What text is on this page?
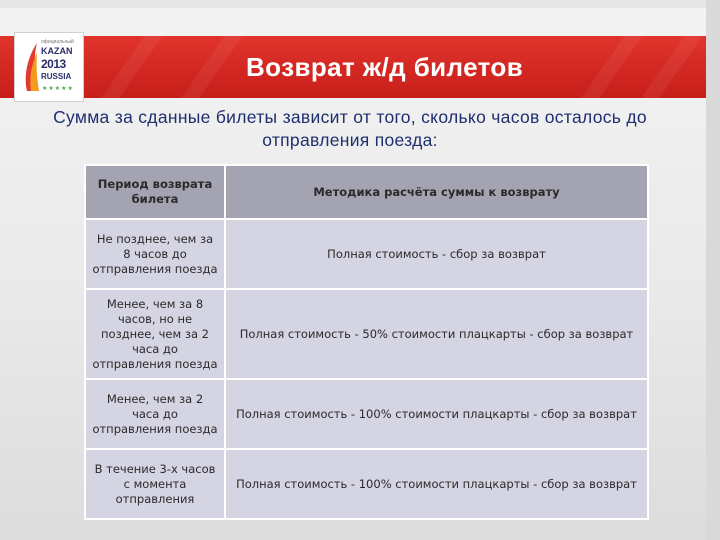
официальный
KAZAN
2013
RUSSIA
★★★★★
Возврат ж/д билетов

Сумма за сданные билеты зависит от того, сколько часов осталось до отправления поезда:

Период возврата билета	Методика расчёта суммы к возврату
Не позднее, чем за 8 часов до отправления поезда	Полная стоимость - сбор за возврат
Менее, чем за 8 часов, но не позднее, чем за 2 часа до отправления поезда	Полная стоимость - 50% стоимости плацкарты - сбор за возврат
Менее, чем за 2 часа до отправления поезда	Полная стоимость - 100% стоимости плацкарты - сбор за возврат
В течение 3-х часов с момента отправления	Полная стоимость - 100% стоимости плацкарты - сбор за возврат
